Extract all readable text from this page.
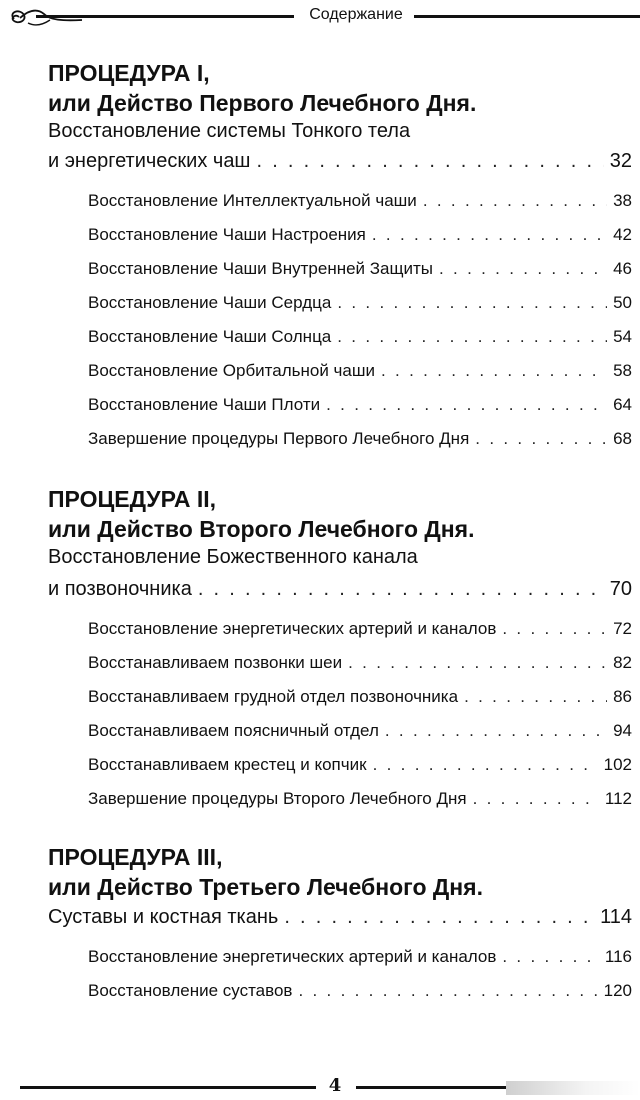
Содержание
ПРОЦЕДУРА I,
или Действо Первого Лечебного Дня.
Восстановление системы Тонкого тела
и энергетических чаш . . .	32
Восстановление Интеллектуальной чаши . . .	38
Восстановление Чаши Настроения . . .	42
Восстановление Чаши Внутренней Защиты . . .	46
Восстановление Чаши Сердца . . .	50
Восстановление Чаши Солнца . . .	54
Восстановление Орбитальной чаши . . .	58
Восстановление Чаши Плоти . . .	64
Завершение процедуры Первого Лечебного Дня . . .	68
ПРОЦЕДУРА II,
или Действо Второго Лечебного Дня.
Восстановление Божественного канала
и позвоночника . . .	70
Восстановление энергетических артерий и каналов . . .	72
Восстанавливаем позвонки шеи . . .	82
Восстанавливаем грудной отдел позвоночника . . .	86
Восстанавливаем поясничный отдел . . .	94
Восстанавливаем крестец и копчик . . .	102
Завершение процедуры Второго Лечебного Дня . . .	112
ПРОЦЕДУРА III,
или Действо Третьего Лечебного Дня.
Суставы и костная ткань . . .	114
Восстановление энергетических артерий и каналов . . .	116
Восстановление суставов . . .	120
4
